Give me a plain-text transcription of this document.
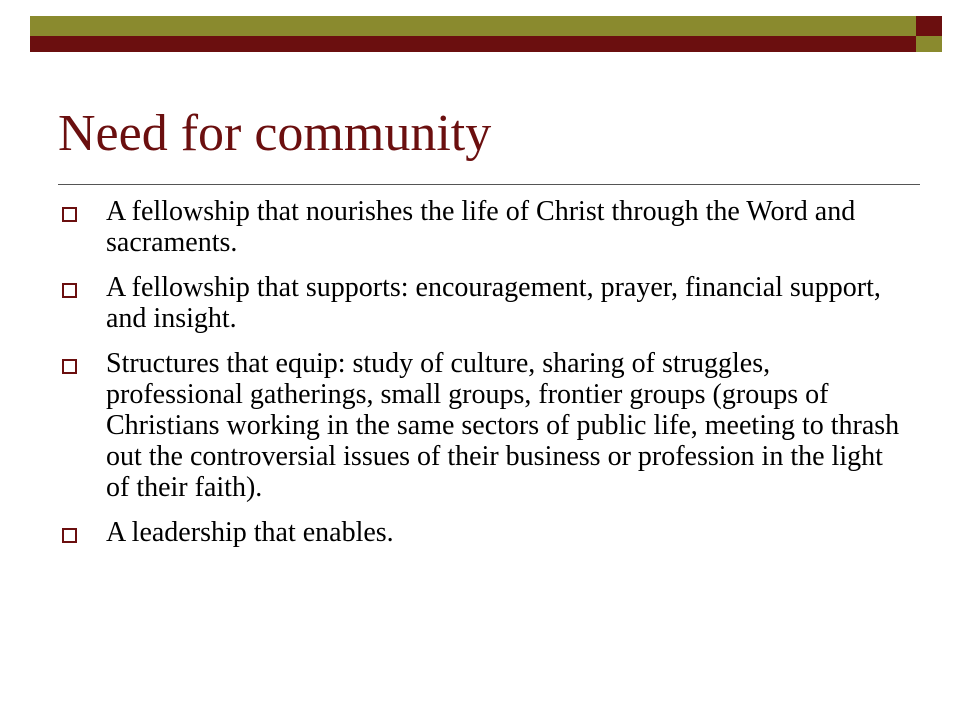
Need for community
A fellowship that nourishes the life of Christ through the Word and sacraments.
A fellowship that supports: encouragement, prayer, financial support, and insight.
Structures that equip: study of culture, sharing of struggles, professional gatherings, small groups, frontier groups (groups of Christians working in the same sectors of public life, meeting to thrash out the controversial issues of their business or profession in the light of their faith).
A leadership that enables.
